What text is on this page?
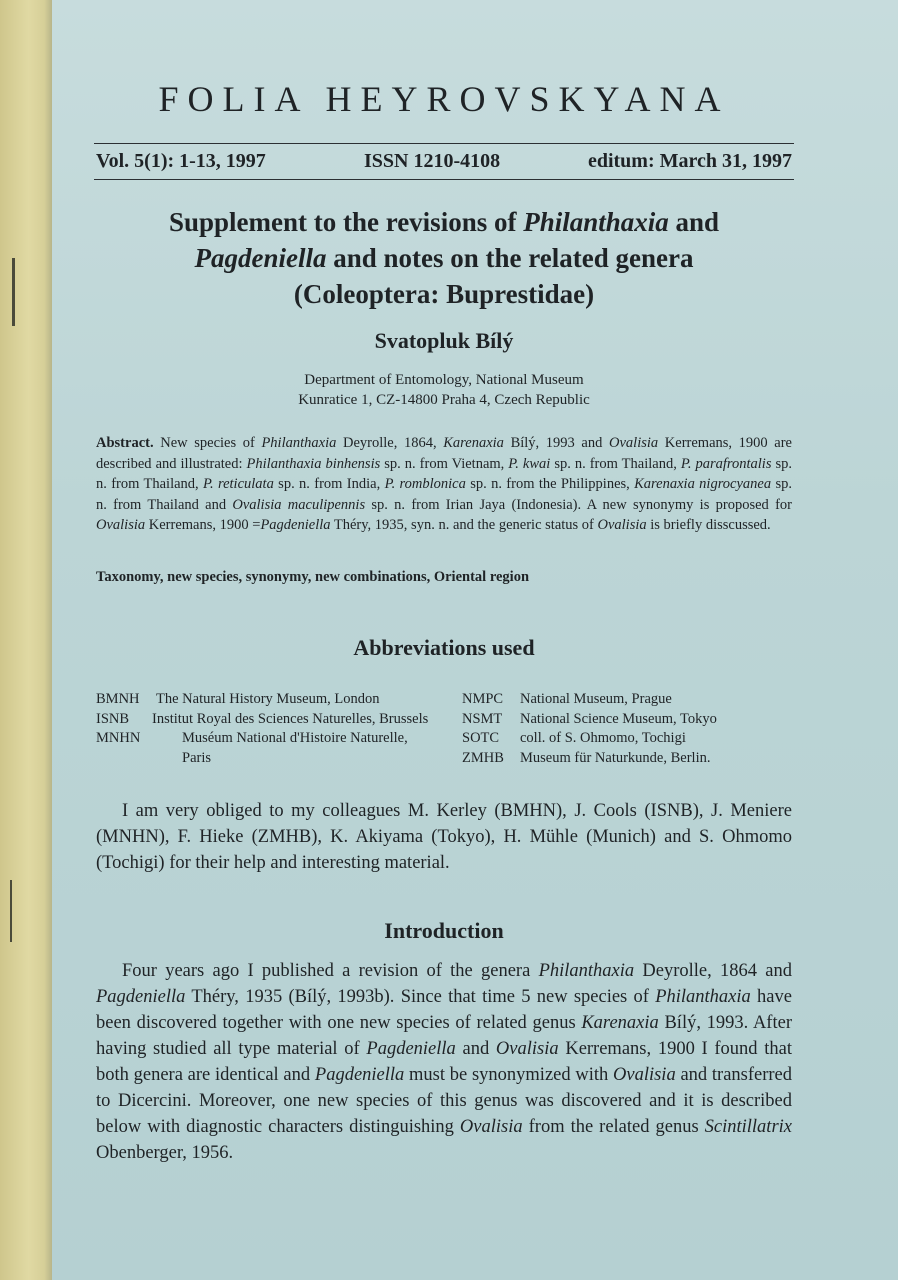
FOLIA HEYROVSKYANA
Vol. 5(1): 1-13, 1997	ISSN 1210-4108	editum: March 31, 1997
Supplement to the revisions of Philanthaxia and
Pagdeniella and notes on the related genera
(Coleoptera: Buprestidae)
Svatopluk Bílý
Department of Entomology, National Museum
Kunratice 1, CZ-14800 Praha 4, Czech Republic
Abstract. New species of Philanthaxia Deyrolle, 1864, Karenaxia Bílý, 1993 and Ovalisia Kerremans, 1900 are described and illustrated: Philanthaxia binhensis sp. n. from Vietnam, P. kwai sp. n. from Thailand, P. parafrontalis sp. n. from Thailand, P. reticulata sp. n. from India, P. romblonica sp. n. from the Philippines, Karenaxia nigrocyanea sp. n. from Thailand and Ovalisia maculipennis sp. n. from Irian Jaya (Indonesia). A new synonymy is proposed for Ovalisia Kerremans, 1900 =Pagdeniella Théry, 1935, syn. n. and the generic status of Ovalisia is briefly disscussed.
Taxonomy, new species, synonymy, new combinations, Oriental region
Abbreviations used
BMNH The Natural History Museum, London
ISNB Institut Royal des Sciences Naturelles, Brussels
MNHN	Muséum National d'Histoire Naturelle, Paris
NMPC National Museum, Prague
NSMT National Science Museum, Tokyo
SOTC coll. of S. Ohmomo, Tochigi
ZMHB Museum für Naturkunde, Berlin.
I am very obliged to my colleagues M. Kerley (BMHN), J. Cools (ISNB), J. Meniere (MNHN), F. Hieke (ZMHB), K. Akiyama (Tokyo), H. Mühle (Munich) and S. Ohmomo (Tochigi) for their help and interesting material.
Introduction
Four years ago I published a revision of the genera Philanthaxia Deyrolle, 1864 and Pagdeniella Théry, 1935 (Bílý, 1993b). Since that time 5 new species of Philanthaxia have been discovered together with one new species of related genus Karenaxia Bílý, 1993. After having studied all type material of Pagdeniella and Ovalisia Kerremans, 1900 I found that both genera are identical and Pagdeniella must be synonymized with Ovalisia and transferred to Dicercini. Moreover, one new species of this genus was discovered and it is described below with diagnostic characters distinguishing Ovalisia from the related genus Scintillatrix Obenberger, 1956.
